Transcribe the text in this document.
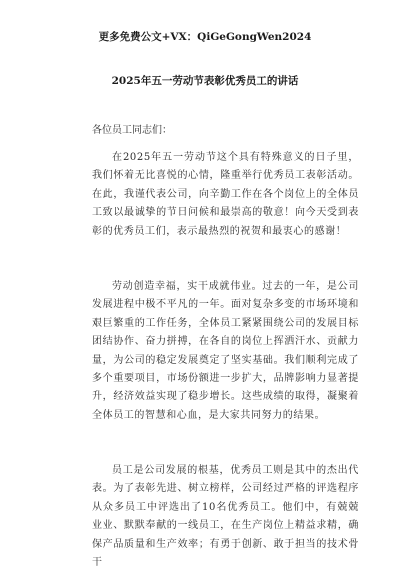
更多免费公文+VX：QiGeGongWen2024
2025年五一劳动节表彰优秀员工的讲话
各位员工同志们：

在2025年五一劳动节这个具有特殊意义的日子里，我们怀着无比喜悦的心情，隆重举行优秀员工表彰活动。在此，我谨代表公司，向辛勤工作在各个岗位上的全体员工致以最诚挚的节日问候和最崇高的敬意！向今天受到表彰的优秀员工们，表示最热烈的祝贺和最衷心的感谢！

劳动创造幸福，实干成就伟业。过去的一年，是公司发展进程中极不平凡的一年。面对复杂多变的市场环境和艰巨繁重的工作任务，全体员工紧紧围绕公司的发展目标团结协作、奋力拼搏，在各自的岗位上挥洒汗水、贡献力量，为公司的稳定发展奠定了坚实基础。我们顺利完成了多个重要项目，市场份额进一步扩大，品牌影响力显著提升，经济效益实现了稳步增长。这些成绩的取得，凝聚着全体员工的智慧和心血，是大家共同努力的结果。

员工是公司发展的根基，优秀员工则是其中的杰出代表。为了表彰先进、树立榜样，公司经过严格的评选程序从众多员工中评选出了10名优秀员工。他们中，有兢兢业业、默默奉献的一线员工，在生产岗位上精益求精，确保产品质量和生产效率；有勇于创新、敢于担当的技术骨干
